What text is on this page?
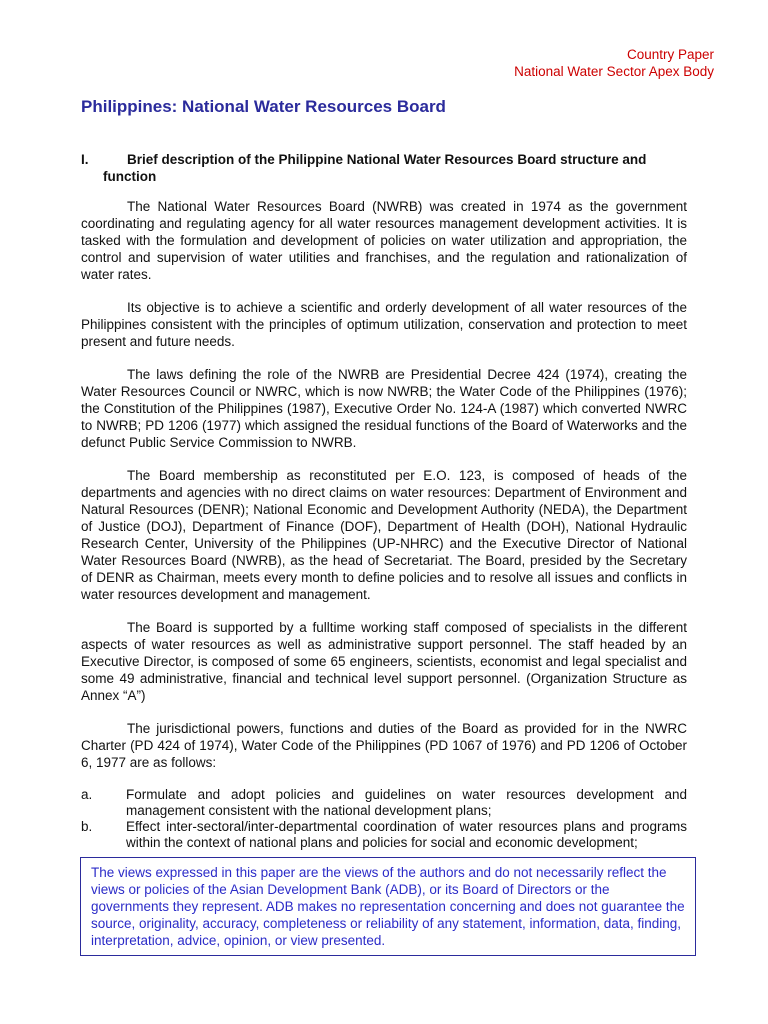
Country Paper
National Water Sector Apex Body
Philippines: National Water Resources Board
I.	Brief description of the Philippine National Water Resources Board structure and
function

The National Water Resources Board (NWRB) was created in 1974 as the government coordinating and regulating agency for all water resources management development activities. It is tasked with the formulation and development of policies on water utilization and appropriation, the control and supervision of water utilities and franchises, and the regulation and rationalization of water rates.

Its objective is to achieve a scientific and orderly development of all water resources of the Philippines consistent with the principles of optimum utilization, conservation and protection to meet present and future needs.

The laws defining the role of the NWRB are Presidential Decree 424 (1974), creating the Water Resources Council or NWRC, which is now NWRB; the Water Code of the Philippines (1976); the Constitution of the Philippines (1987), Executive Order No. 124-A (1987) which converted NWRC to NWRB; PD 1206 (1977) which assigned the residual functions of the Board of Waterworks and the defunct Public Service Commission to NWRB.

The Board membership as reconstituted per E.O. 123, is composed of heads of the departments and agencies with no direct claims on water resources: Department of Environment and Natural Resources (DENR); National Economic and Development Authority (NEDA), the Department of Justice (DOJ), Department of Finance (DOF), Department of Health (DOH), National Hydraulic Research Center, University of the Philippines (UP-NHRC) and the Executive Director of National Water Resources Board (NWRB), as the head of Secretariat. The Board, presided by the Secretary of DENR as Chairman, meets every month to define policies and to resolve all issues and conflicts in water resources development and management.

The Board is supported by a fulltime working staff composed of specialists in the different aspects of water resources as well as administrative support personnel. The staff headed by an Executive Director, is composed of some 65 engineers, scientists, economist and legal specialist and some 49 administrative, financial and technical level support personnel. (Organization Structure as Annex “A”)

The jurisdictional powers, functions and duties of the Board as provided for in the NWRC Charter (PD 424 of 1974), Water Code of the Philippines (PD 1067 of 1976) and PD 1206 of October 6, 1977 are as follows:

a.	Formulate and adopt policies and guidelines on water resources development and management consistent with the national development plans;
b.	Effect inter-sectoral/inter-departmental coordination of water resources plans and programs within the context of national plans and policies for social and economic development;
The views expressed in this paper are the views of the authors and do not necessarily reflect the views or policies of the Asian Development Bank (ADB), or its Board of Directors or the governments they represent. ADB makes no representation concerning and does not guarantee the source, originality, accuracy, completeness or reliability of any statement, information, data, finding, interpretation, advice, opinion, or view presented.
